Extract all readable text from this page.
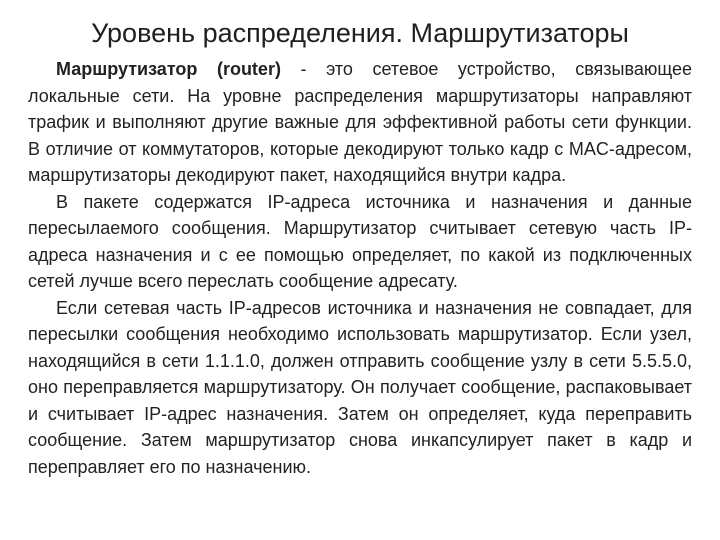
Уровень распределения. Маршрутизаторы

Маршрутизатор (router) - это сетевое устройство, связывающее локальные сети. На уровне распределения маршрутизаторы направляют трафик и выполняют другие важные для эффективной работы сети функции. В отличие от коммутаторов, которые декодируют только кадр с MAC-адресом, маршрутизаторы декодируют пакет, находящийся внутри кадра.

В пакете содержатся IP-адреса источника и назначения и данные пересылаемого сообщения. Маршрутизатор считывает сетевую часть IP-адреса назначения и с ее помощью определяет, по какой из подключенных сетей лучше всего переслать сообщение адресату.

Если сетевая часть IP-адресов источника и назначения не совпадает, для пересылки сообщения необходимо использовать маршрутизатор. Если узел, находящийся в сети 1.1.1.0, должен отправить сообщение узлу в сети 5.5.5.0, оно переправляется маршрутизатору. Он получает сообщение, распаковывает и считывает IP-адрес назначения. Затем он определяет, куда переправить сообщение. Затем маршрутизатор снова инкапсулирует пакет в кадр и переправляет его по назначению.
